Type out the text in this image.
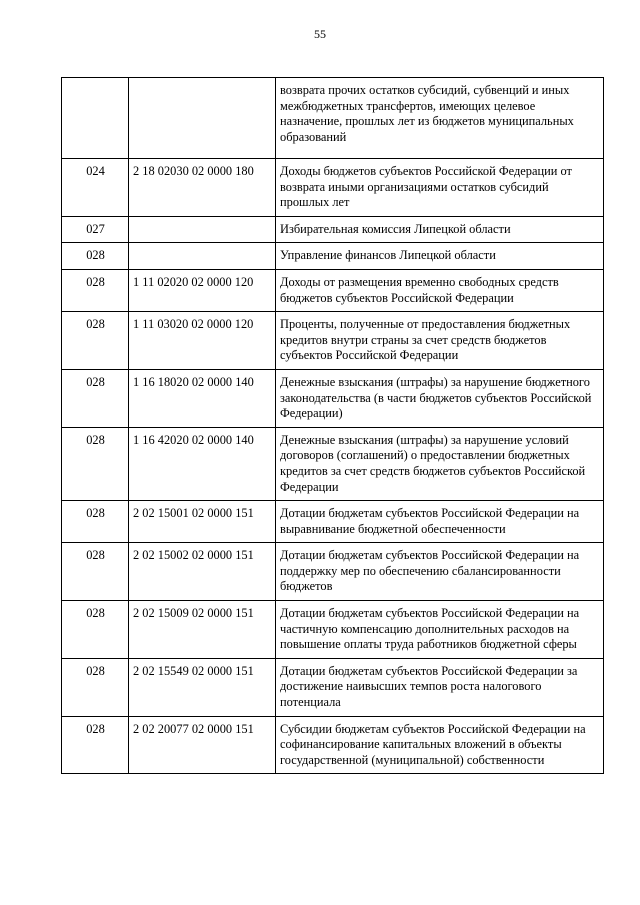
55
		возврата прочих остатков субсидий, субвенций и иных межбюджетных трансфертов, имеющих целевое назначение, прошлых лет из бюджетов муниципальных образований
024	2 18 02030 02 0000 180	Доходы бюджетов субъектов Российской Федерации от возврата иными организациями остатков субсидий прошлых лет
027		Избирательная комиссия Липецкой области
028		Управление финансов Липецкой области
028	1 11 02020 02 0000 120	Доходы от размещения временно свободных средств бюджетов субъектов Российской Федерации
028	1 11 03020 02 0000 120	Проценты, полученные от предоставления бюджетных кредитов внутри страны за счет средств бюджетов субъектов Российской Федерации
028	1 16 18020 02 0000 140	Денежные взыскания (штрафы) за нарушение бюджетного законодательства (в части бюджетов субъектов Российской Федерации)
028	1 16 42020 02 0000 140	Денежные взыскания (штрафы) за нарушение условий договоров (соглашений) о предоставлении бюджетных кредитов за счет средств бюджетов субъектов Российской Федерации
028	2 02 15001 02 0000 151	Дотации бюджетам субъектов Российской Федерации на выравнивание бюджетной обеспеченности
028	2 02 15002 02 0000 151	Дотации бюджетам субъектов Российской Федерации на поддержку мер по обеспечению сбалансированности бюджетов
028	2 02 15009 02 0000 151	Дотации бюджетам субъектов Российской Федерации на частичную компенсацию дополнительных расходов на повышение оплаты труда работников бюджетной сферы
028	2 02 15549 02 0000 151	Дотации бюджетам субъектов Российской Федерации за достижение наивысших темпов роста налогового потенциала
028	2 02 20077 02 0000 151	Субсидии бюджетам субъектов Российской Федерации на софинансирование капитальных вложений в объекты государственной (муниципальной) собственности
